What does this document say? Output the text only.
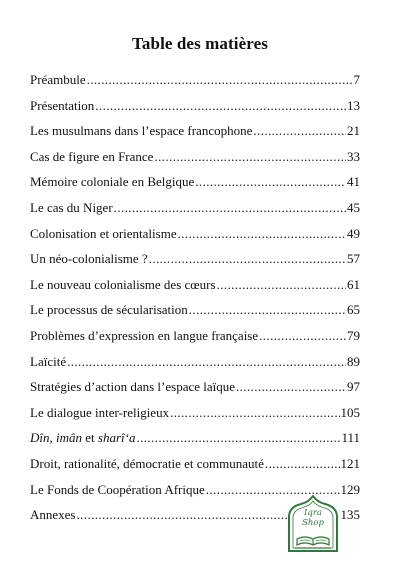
Table des matières
Préambule .....	7
Présentation .....	13
Les musulmans dans l’espace francophone .....	21
Cas de figure en France .....	33
Mémoire coloniale en Belgique .....	41
Le cas du Niger .....	45
Colonisation et orientalisme .....	49
Un néo-colonialisme ? .....	57
Le nouveau colonialisme des cœurs .....	61
Le processus de sécularisation .....	65
Problèmes d’expression en langue française .....	79
Laïcité .....	89
Stratégies d’action dans l’espace laïque .....	97
Le dialogue inter-religieux .....	105
Dîn, imân et sharî‘a .....	111
Droit, rationalité, démocratie et communauté .....	121
Le Fonds de Coopération Afrique .....	129
Annexes .....	135
Iqra
Shop
